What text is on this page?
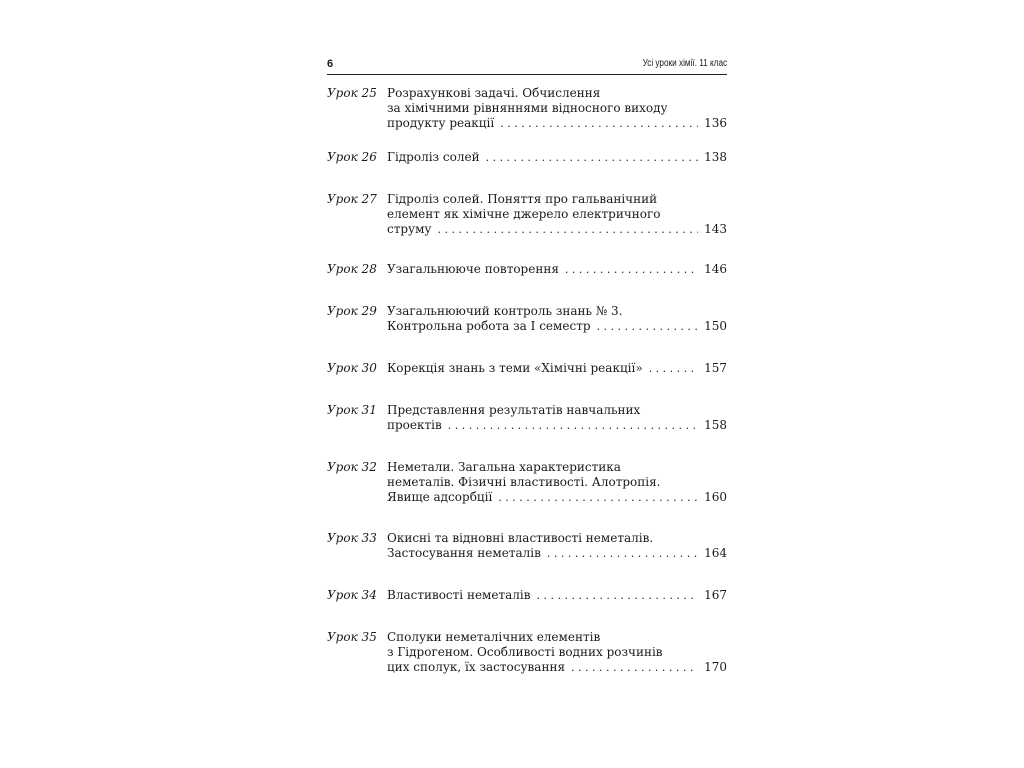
6	Усі уроки хімії. 11 клас
Урок 25 Розрахункові задачі. Обчислення
за хімічними рівняннями відносного виходу
продукту реакції . . .	136
Урок 26 Гідроліз солей . . .	138
Урок 27 Гідроліз солей. Поняття про гальванічний
елемент як хімічне джерело електричного
струму . . .	143
Урок 28 Узагальнююче повторення . . .	146
Урок 29 Узагальнюючий контроль знань № 3.
Контрольна робота за І семестр . . .	150
Урок 30 Корекція знань з теми «Хімічні реакції» . . .	157
Урок 31 Представлення результатів навчальних
проектів . . .	158
Урок 32 Неметали. Загальна характеристика
неметалів. Фізичні властивості. Алотропія.
Явище адсорбції . . .	160
Урок 33 Окисні та відновні властивості неметалів.
Застосування неметалів . . .	164
Урок 34 Властивості неметалів . . .	167
Урок 35 Сполуки неметалічних елементів
з Гідрогеном. Особливості водних розчинів
цих сполук, їх застосування . . .	170
